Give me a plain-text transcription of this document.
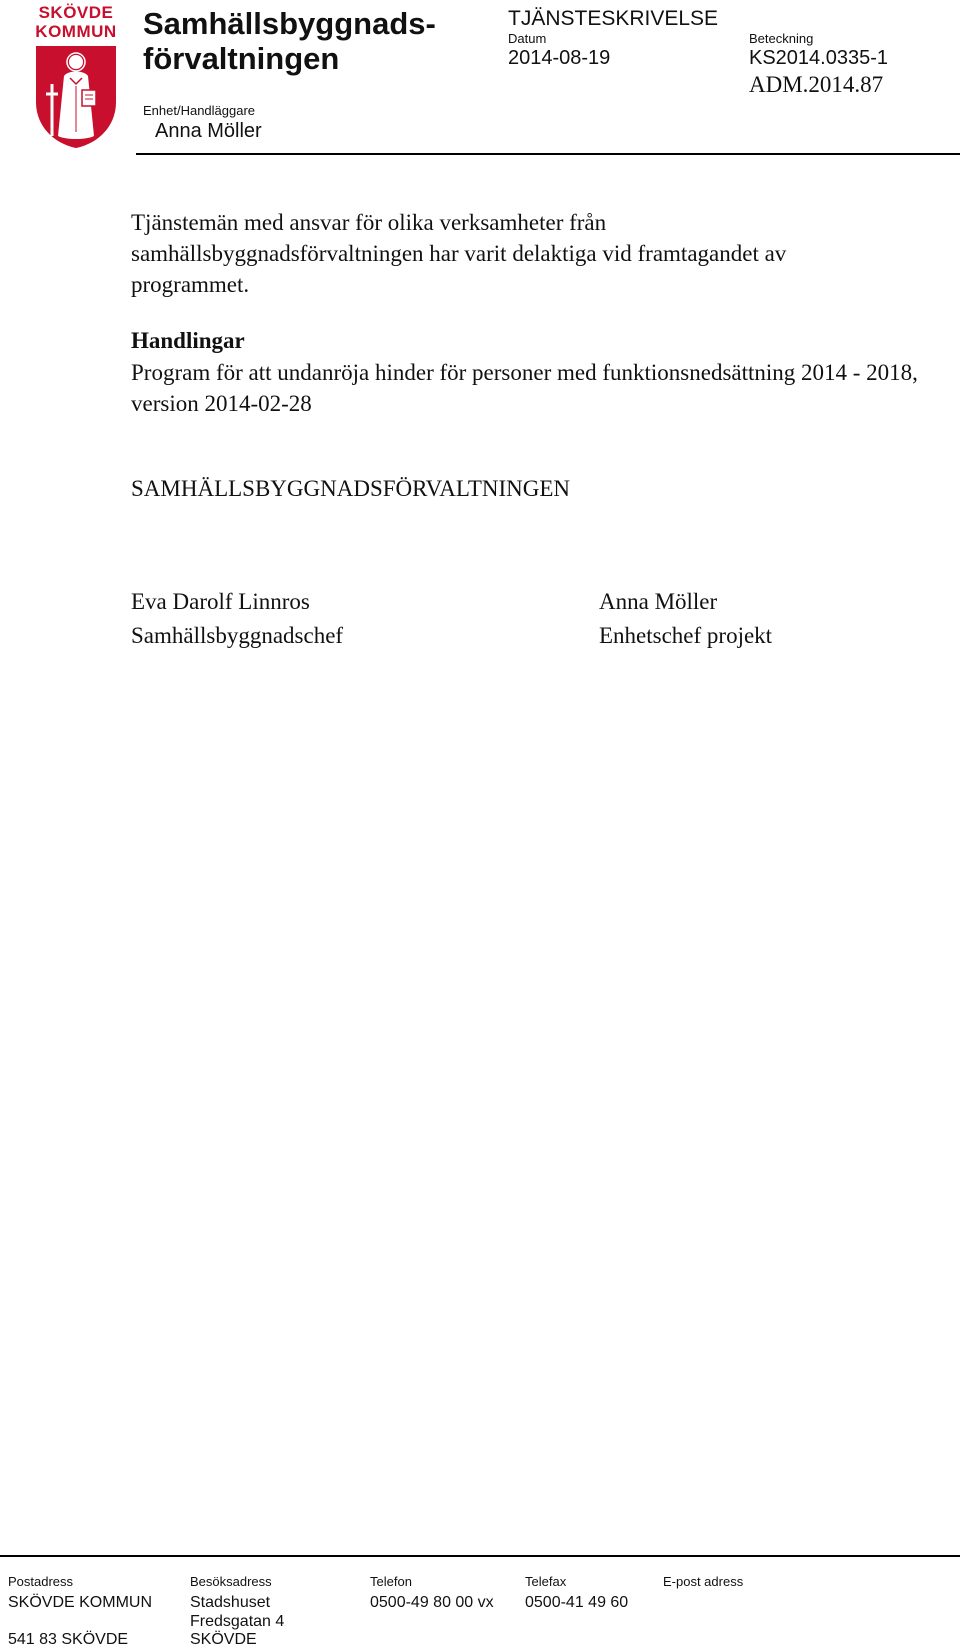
SKÖVDE
KOMMUN Samhällsbyggnads-
förvaltningen
Enhet/Handläggare
Anna Möller
TJÄNSTESKRIVELSE
Datum
2014-08-19
Beteckning
KS2014.0335-1
ADM.2014.87
Tjänstemän med ansvar för olika verksamheter från samhällsbyggnadsförvaltningen har varit delaktiga vid framtagandet av programmet.
Handlingar
Program för att undanröja hinder för personer med funktionsnedsättning 2014 - 2018, version 2014-02-28
SAMHÄLLSBYGGNADSFÖRVALTNINGEN
Eva Darolf Linnros
Samhällsbyggnadschef
Anna Möller
Enhetschef projekt
Postadress
SKÖVDE KOMMUN
541 83 SKÖVDE
Besöksadress
Stadshuset
Fredsgatan 4
SKÖVDE
Telefon
0500-49 80 00 vx
Telefax
0500-41 49 60
E-post adress
